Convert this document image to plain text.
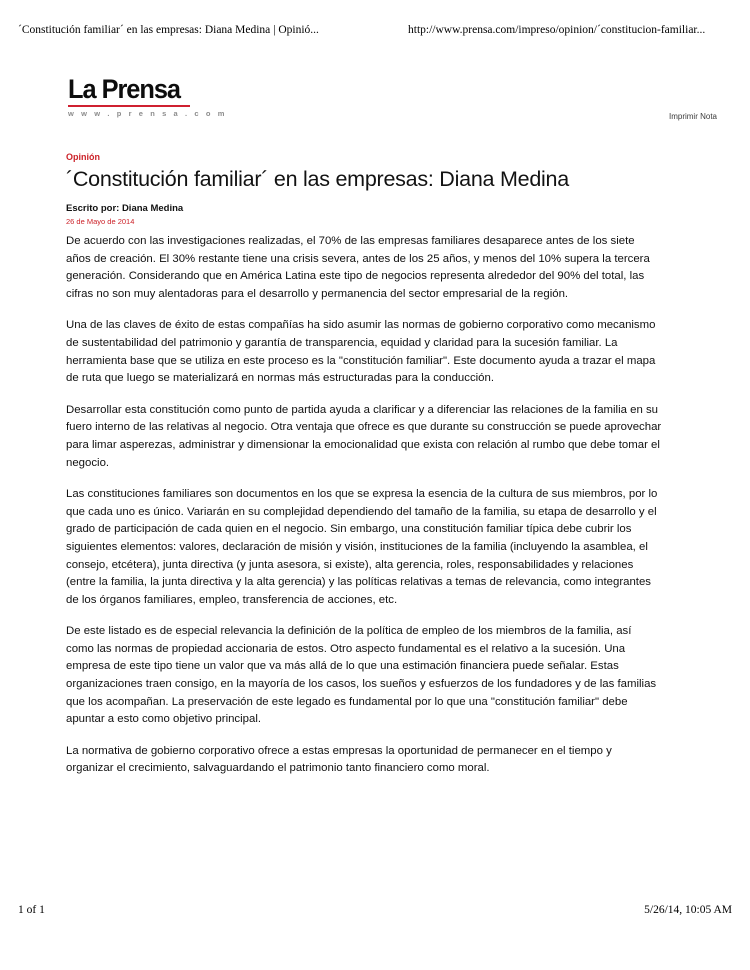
´Constitución familiar´ en las empresas: Diana Medina | Opinió...	http://www.prensa.com/impreso/opinion/´constitucion-familiar...
La Prensa
w w w . p r e n s a . c o m	Imprimir Nota
Opinión
´Constitución familiar´ en las empresas: Diana Medina
Escrito por: Diana Medina
26 de Mayo de 2014

De acuerdo con las investigaciones realizadas, el 70% de las empresas familiares desaparece antes de los siete años de creación. El 30% restante tiene una crisis severa, antes de los 25 años, y menos del 10% supera la tercera generación. Considerando que en América Latina este tipo de negocios representa alrededor del 90% del total, las cifras no son muy alentadoras para el desarrollo y permanencia del sector empresarial de la región.

Una de las claves de éxito de estas compañías ha sido asumir las normas de gobierno corporativo como mecanismo de sustentabilidad del patrimonio y garantía de transparencia, equidad y claridad para la sucesión familiar. La herramienta base que se utiliza en este proceso es la "constitución familiar". Este documento ayuda a trazar el mapa de ruta que luego se materializará en normas más estructuradas para la conducción.

Desarrollar esta constitución como punto de partida ayuda a clarificar y a diferenciar las relaciones de la familia en su fuero interno de las relativas al negocio. Otra ventaja que ofrece es que durante su construcción se puede aprovechar para limar asperezas, administrar y dimensionar la emocionalidad que exista con relación al rumbo que debe tomar el negocio.

Las constituciones familiares son documentos en los que se expresa la esencia de la cultura de sus miembros, por lo que cada uno es único. Variarán en su complejidad dependiendo del tamaño de la familia, su etapa de desarrollo y el grado de participación de cada quien en el negocio. Sin embargo, una constitución familiar típica debe cubrir los siguientes elementos: valores, declaración de misión y visión, instituciones de la familia (incluyendo la asamblea, el consejo, etcétera), junta directiva (y junta asesora, si existe), alta gerencia, roles, responsabilidades y relaciones (entre la familia, la junta directiva y la alta gerencia) y las políticas relativas a temas de relevancia, como integrantes de los órganos familiares, empleo, transferencia de acciones, etc.

De este listado es de especial relevancia la definición de la política de empleo de los miembros de la familia, así como las normas de propiedad accionaria de estos. Otro aspecto fundamental es el relativo a la sucesión. Una empresa de este tipo tiene un valor que va más allá de lo que una estimación financiera puede señalar. Estas organizaciones traen consigo, en la mayoría de los casos, los sueños y esfuerzos de los fundadores y de las familias que los acompañan. La preservación de este legado es fundamental por lo que una "constitución familiar" debe apuntar a esto como objetivo principal.

La normativa de gobierno corporativo ofrece a estas empresas la oportunidad de permanecer en el tiempo y organizar el crecimiento, salvaguardando el patrimonio tanto financiero como moral.

1 of 1	5/26/14, 10:05 AM
